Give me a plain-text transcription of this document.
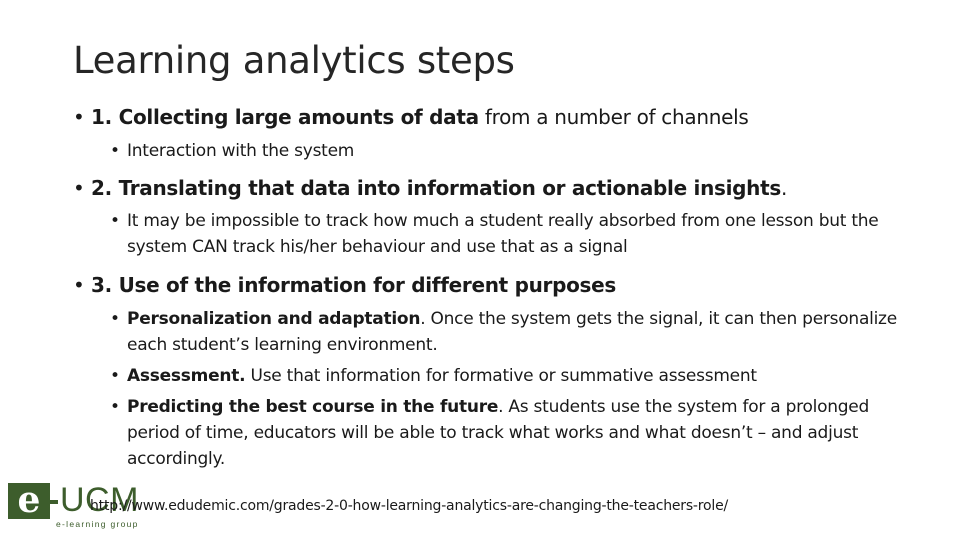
Learning analytics steps

• 1. Collecting large amounts of data from a number of channels

• Interaction with the system

• 2. Translating that data into information or actionable insights.

• It may be impossible to track how much a student really absorbed from one lesson but the system CAN track his/her behaviour and use that as a signal

• 3. Use of the information for different purposes

• Personalization and adaptation. Once the system gets the signal, it can then personalize each student’s learning environment.

• Assessment. Use that information for formative or summative assessment

• Predicting the best course in the future. As students use the system for a prolonged period of time, educators will be able to track what works and what doesn’t – and adjust accordingly.

e UCM
e-learning group
http://www.edudemic.com/grades-2-0-how-learning-analytics-are-changing-the-teachers-role/
